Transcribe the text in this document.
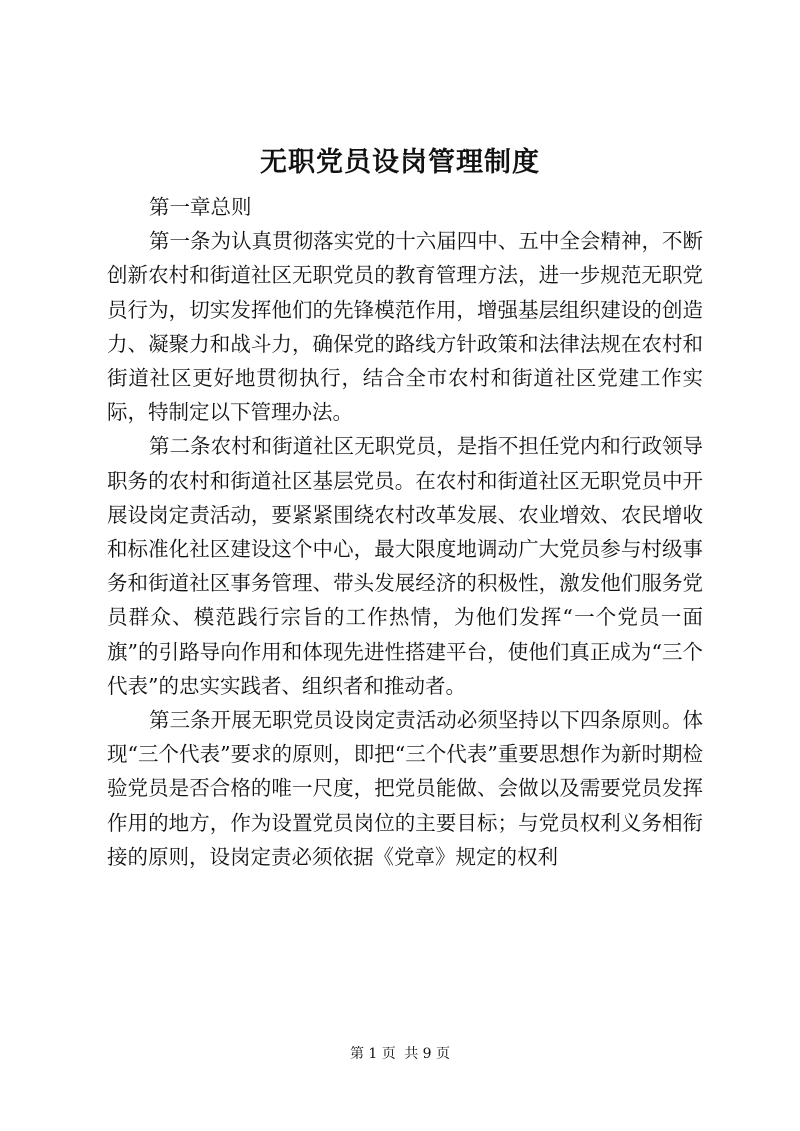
无职党员设岗管理制度

第一章总则

第一条为认真贯彻落实党的十六届四中、五中全会精神，不断创新农村和街道社区无职党员的教育管理方法，进一步规范无职党员行为，切实发挥他们的先锋模范作用，增强基层组织建设的创造力、凝聚力和战斗力，确保党的路线方针政策和法律法规在农村和街道社区更好地贯彻执行，结合全市农村和街道社区党建工作实际，特制定以下管理办法。

第二条农村和街道社区无职党员，是指不担任党内和行政领导职务的农村和街道社区基层党员。在农村和街道社区无职党员中开展设岗定责活动，要紧紧围绕农村改革发展、农业增效、农民增收和标准化社区建设这个中心，最大限度地调动广大党员参与村级事务和街道社区事务管理、带头发展经济的积极性，激发他们服务党员群众、模范践行宗旨的工作热情，为他们发挥“一个党员一面旗”的引路导向作用和体现先进性搭建平台，使他们真正成为“三个代表”的忠实实践者、组织者和推动者。

第三条开展无职党员设岗定责活动必须坚持以下四条原则。体现“三个代表”要求的原则，即把“三个代表”重要思想作为新时期检验党员是否合格的唯一尺度，把党员能做、会做以及需要党员发挥作用的地方，作为设置党员岗位的主要目标；与党员权利义务相衔接的原则，设岗定责必须依据《党章》规定的权利

第 1 页 共 9 页
